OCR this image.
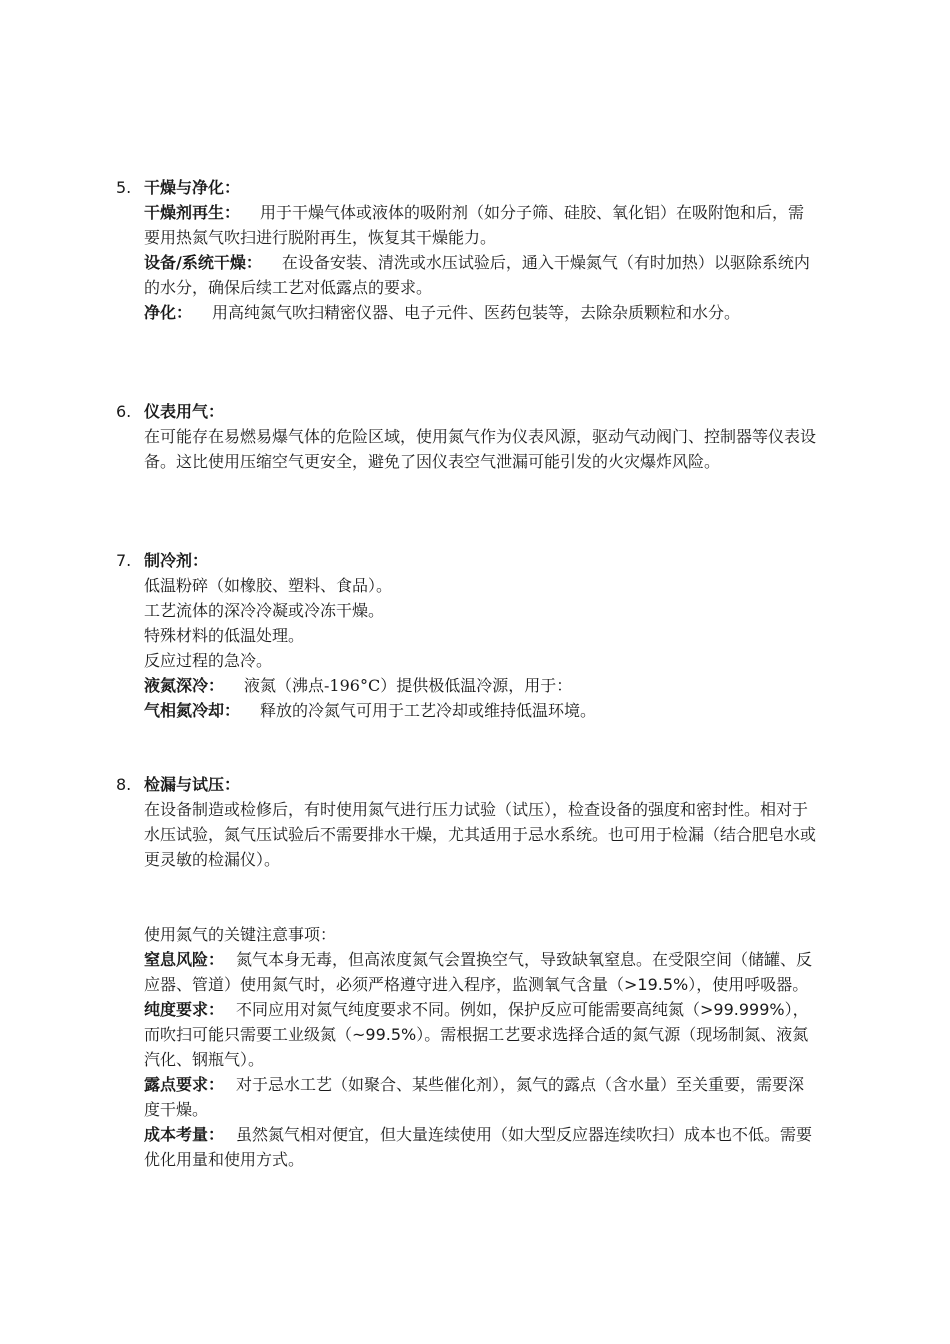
5. 干燥与净化：

干燥剂再生： 用于干燥气体或液体的吸附剂（如分子筛、硅胶、氧化铝）在吸附饱和后，需要用热氮气吹扫进行脱附再生，恢复其干燥能力。

设备/系统干燥： 在设备安装、清洗或水压试验后，通入干燥氮气（有时加热）以驱除系统内的水分，确保后续工艺对低露点的要求。

净化： 用高纯氮气吹扫精密仪器、电子元件、医药包装等，去除杂质颗粒和水分。

6. 仪表用气：

在可能存在易燃易爆气体的危险区域，使用氮气作为仪表风源，驱动气动阀门、控制器等仪表设备。这比使用压缩空气更安全，避免了因仪表空气泄漏可能引发的火灾爆炸风险。

7. 制冷剂：

低温粉碎（如橡胶、塑料、食品）。

工艺流体的深冷冷凝或冷冻干燥。

特殊材料的低温处理。

反应过程的急冷。

液氮深冷： 液氮（沸点-196°C）提供极低温冷源，用于：

气相氮冷却： 释放的冷氮气可用于工艺冷却或维持低温环境。

8. 检漏与试压：

在设备制造或检修后，有时使用氮气进行压力试验（试压），检查设备的强度和密封性。相对于水压试验，氮气压试验后不需要排水干燥，尤其适用于忌水系统。也可用于检漏（结合肥皂水或更灵敏的检漏仪）。

使用氮气的关键注意事项：

窒息风险： 氮气本身无毒，但高浓度氮气会置换空气，导致缺氧窒息。在受限空间（储罐、反应器、管道）使用氮气时，必须严格遵守进入程序，监测氧气含量（>19.5%），使用呼吸器。

纯度要求： 不同应用对氮气纯度要求不同。例如，保护反应可能需要高纯氮（>99.999%），而吹扫可能只需要工业级氮（~99.5%）。需根据工艺要求选择合适的氮气源（现场制氮、液氮汽化、钢瓶气）。

露点要求： 对于忌水工艺（如聚合、某些催化剂），氮气的露点（含水量）至关重要，需要深度干燥。

成本考量： 虽然氮气相对便宜，但大量连续使用（如大型反应器连续吹扫）成本也不低。需要优化用量和使用方式。
